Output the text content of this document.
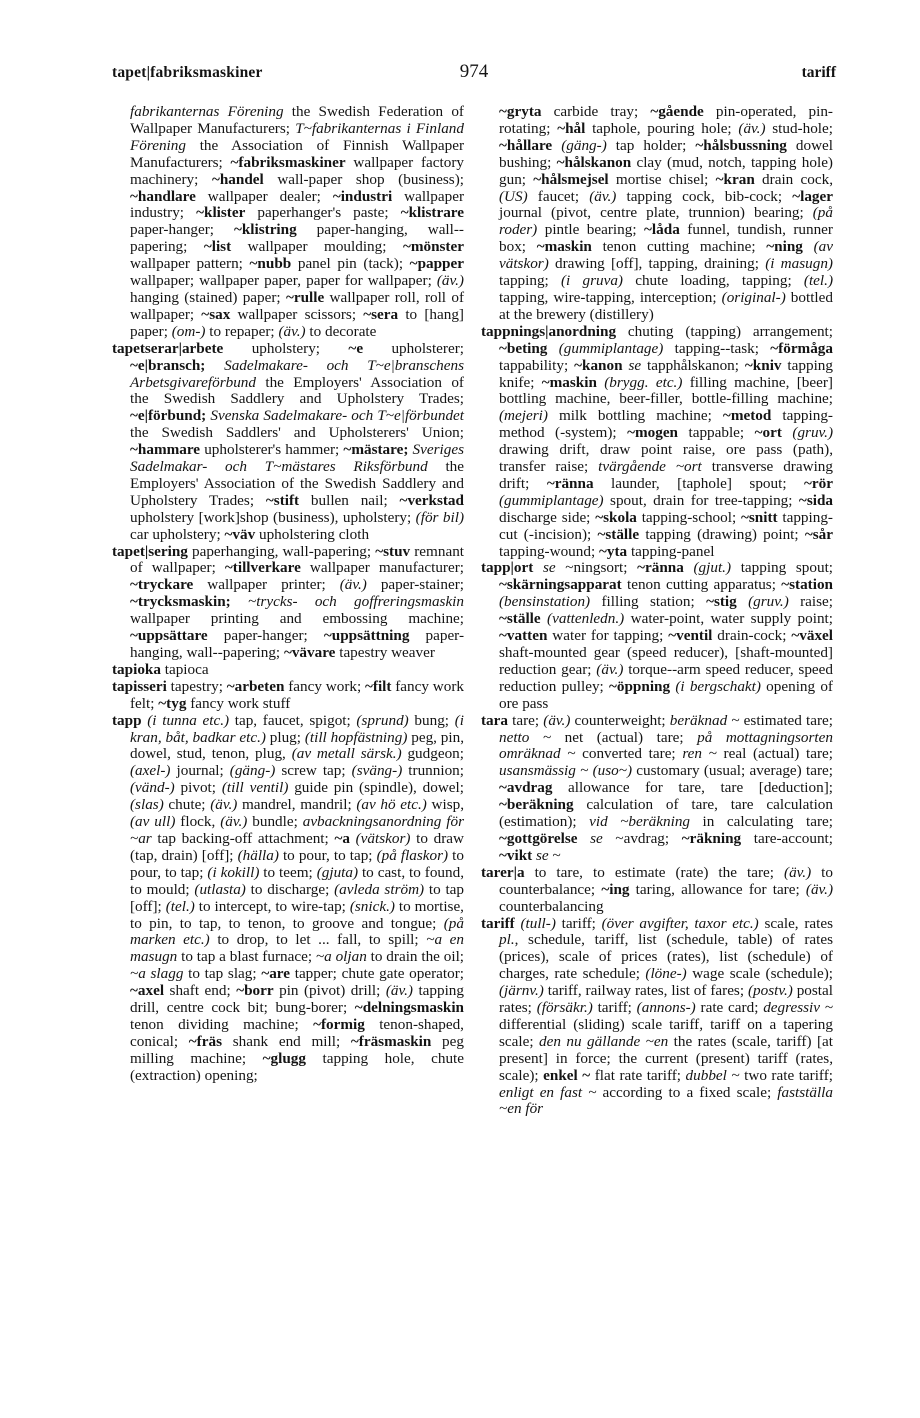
tapet|fabriksmaskiner	974	tariff

fabrikanternas Förening the Swedish Federation of Wallpaper Manufacturers; T~fabrikanternas i Finland Förening the Association of Finnish Wallpaper Manufacturers; ~fabriksmaskiner wallpaper factory machinery; ~handel wall-paper shop (business); ~handlare wallpaper dealer; ~industri wallpaper industry; ~klister paperhanger's paste; ~klistrare paper-hanger; ~klistring paper-hanging, wall--papering; ~list wallpaper moulding; ~mönster wallpaper pattern; ~nubb panel pin (tack); ~papper wallpaper; wallpaper paper, paper for wallpaper; (äv.) hanging (stained) paper; ~rulle wallpaper roll, roll of wallpaper; ~sax wallpaper scissors; ~sera to [hang] paper; (om-) to repaper; (äv.) to decorate

tapetserar|arbete upholstery; ~e upholsterer; ~e|bransch; Sadelmakare- och T~e|branschens Arbetsgivareförbund the Employers' Association of the Swedish Saddlery and Upholstery Trades; ~e|förbund; Svenska Sadelmakare- och T~e|förbundet the Swedish Saddlers' and Upholsterers' Union; ~hammare upholsterer's hammer; ~mästare; Sveriges Sadelmakar- och T~mästares Riksförbund the Employers' Association of the Swedish Saddlery and Upholstery Trades; ~stift bullen nail; ~verkstad upholstery [work]shop (business), upholstery; (för bil) car upholstery; ~väv upholstering cloth

tapet|sering paperhanging, wall-papering; ~stuv remnant of wallpaper; ~tillverkare wallpaper manufacturer; ~tryckare wallpaper printer; (äv.) paper-stainer; ~trycksmaskin; ~trycks- och goffreringsmaskin wallpaper printing and embossing machine; ~uppsättare paper-hanger; ~uppsättning paper-hanging, wall--papering; ~vävare tapestry weaver

tapioka tapioca

tapisseri tapestry; ~arbeten fancy work; ~filt fancy work felt; ~tyg fancy work stuff

tapp (i tunna etc.) tap, faucet, spigot; (sprund) bung; (i kran, båt, badkar etc.) plug; (till hopfästning) peg, pin, dowel, stud, tenon, plug, (av metall särsk.) gudgeon; (axel-) journal; (gäng-) screw tap; (sväng-) trunnion; (vänd-) pivot; (till ventil) guide pin (spindle), dowel; (slas) chute; (äv.) mandrel, mandril; (av hö etc.) wisp, (av ull) flock, (äv.) bundle; avbackningsanordning för ~ar tap backing-off attachment; ~a (vätskor) to draw (tap, drain) [off]; (hälla) to pour, to tap; (på flaskor) to pour, to tap; (i kokill) to teem; (gjuta) to cast, to found, to mould; (utlasta) to discharge; (avleda ström) to tap [off]; (tel.) to intercept, to wire-tap; (snick.) to mortise, to pin, to tap, to tenon, to groove and tongue; (på marken etc.) to drop, to let ... fall, to spill; ~a en masugn to tap a blast furnace; ~a oljan to drain the oil; ~a slagg to tap slag; ~are tapper; chute gate operator; ~axel shaft end; ~borr pin (pivot) drill; (äv.) tapping drill, centre cock bit; bung-borer; ~delningsmaskin tenon dividing machine; ~formig tenon-shaped, conical; ~fräs shank end mill; ~fräsmaskin peg milling machine; ~glugg tapping hole, chute (extraction) opening;

~gryta carbide tray; ~gående pin-operated, pin-rotating; ~hål taphole, pouring hole; (äv.) stud-hole; ~hållare (gäng-) tap holder; ~hålsbussning dowel bushing; ~hålskanon clay (mud, notch, tapping hole) gun; ~hålsmejsel mortise chisel; ~kran drain cock, (US) faucet; (äv.) tapping cock, bib-cock; ~lager journal (pivot, centre plate, trunnion) bearing; (på roder) pintle bearing; ~låda funnel, tundish, runner box; ~maskin tenon cutting machine; ~ning (av vätskor) drawing [off], tapping, draining; (i masugn) tapping; (i gruva) chute loading, tapping; (tel.) tapping, wire-tapping, interception; (original-) bottled at the brewery (distillery)

tappnings|anordning chuting (tapping) arrangement; ~beting (gummiplantage) tapping--task; ~förmåga tappability; ~kanon se tapphålskanon; ~kniv tapping knife; ~maskin (brygg. etc.) filling machine, [beer] bottling machine, beer-filler, bottle-filling machine; (mejeri) milk bottling machine; ~metod tapping-method (-system); ~mogen tappable; ~ort (gruv.) drawing drift, draw point raise, ore pass (path), transfer raise; tvärgående ~ort transverse drawing drift; ~ränna launder, [taphole] spout; ~rör (gummiplantage) spout, drain for tree-tapping; ~sida discharge side; ~skola tapping-school; ~snitt tapping-cut (-incision); ~ställe tapping (drawing) point; ~sår tapping-wound; ~yta tapping-panel

tapp|ort se ~ningsort; ~ränna (gjut.) tapping spout; ~skärningsapparat tenon cutting apparatus; ~station (bensinstation) filling station; ~stig (gruv.) raise; ~ställe (vattenledn.) water-point, water supply point; ~vatten water for tapping; ~ventil drain-cock; ~växel shaft-mounted gear (speed reducer), [shaft-mounted] reduction gear; (äv.) torque--arm speed reducer, speed reduction pulley; ~öppning (i bergschakt) opening of ore pass

tara tare; (äv.) counterweight; beräknad ~ estimated tare; netto ~ net (actual) tare; på mottagningsorten omräknad ~ converted tare; ren ~ real (actual) tare; usansmässig ~ (uso~) customary (usual; average) tare; ~avdrag allowance for tare, tare [deduction]; ~beräkning calculation of tare, tare calculation (estimation); vid ~beräkning in calculating tare; ~gottgörelse se ~avdrag; ~räkning tare-account; ~vikt se ~

tarer|a to tare, to estimate (rate) the tare; (äv.) to counterbalance; ~ing taring, allowance for tare; (äv.) counterbalancing

tariff (tull-) tariff; (över avgifter, taxor etc.) scale, rates pl., schedule, tariff, list (schedule, table) of rates (prices), scale of prices (rates), list (schedule) of charges, rate schedule; (löne-) wage scale (schedule); (järnv.) tariff, railway rates, list of fares; (postv.) postal rates; (försäkr.) tariff; (annons-) rate card; degressiv ~ differential (sliding) scale tariff, tariff on a tapering scale; den nu gällande ~en the rates (scale, tariff) [at present] in force; the current (present) tariff (rates, scale); enkel ~ flat rate tariff; dubbel ~ two rate tariff; enligt en fast ~ according to a fixed scale; fastställa ~en för
